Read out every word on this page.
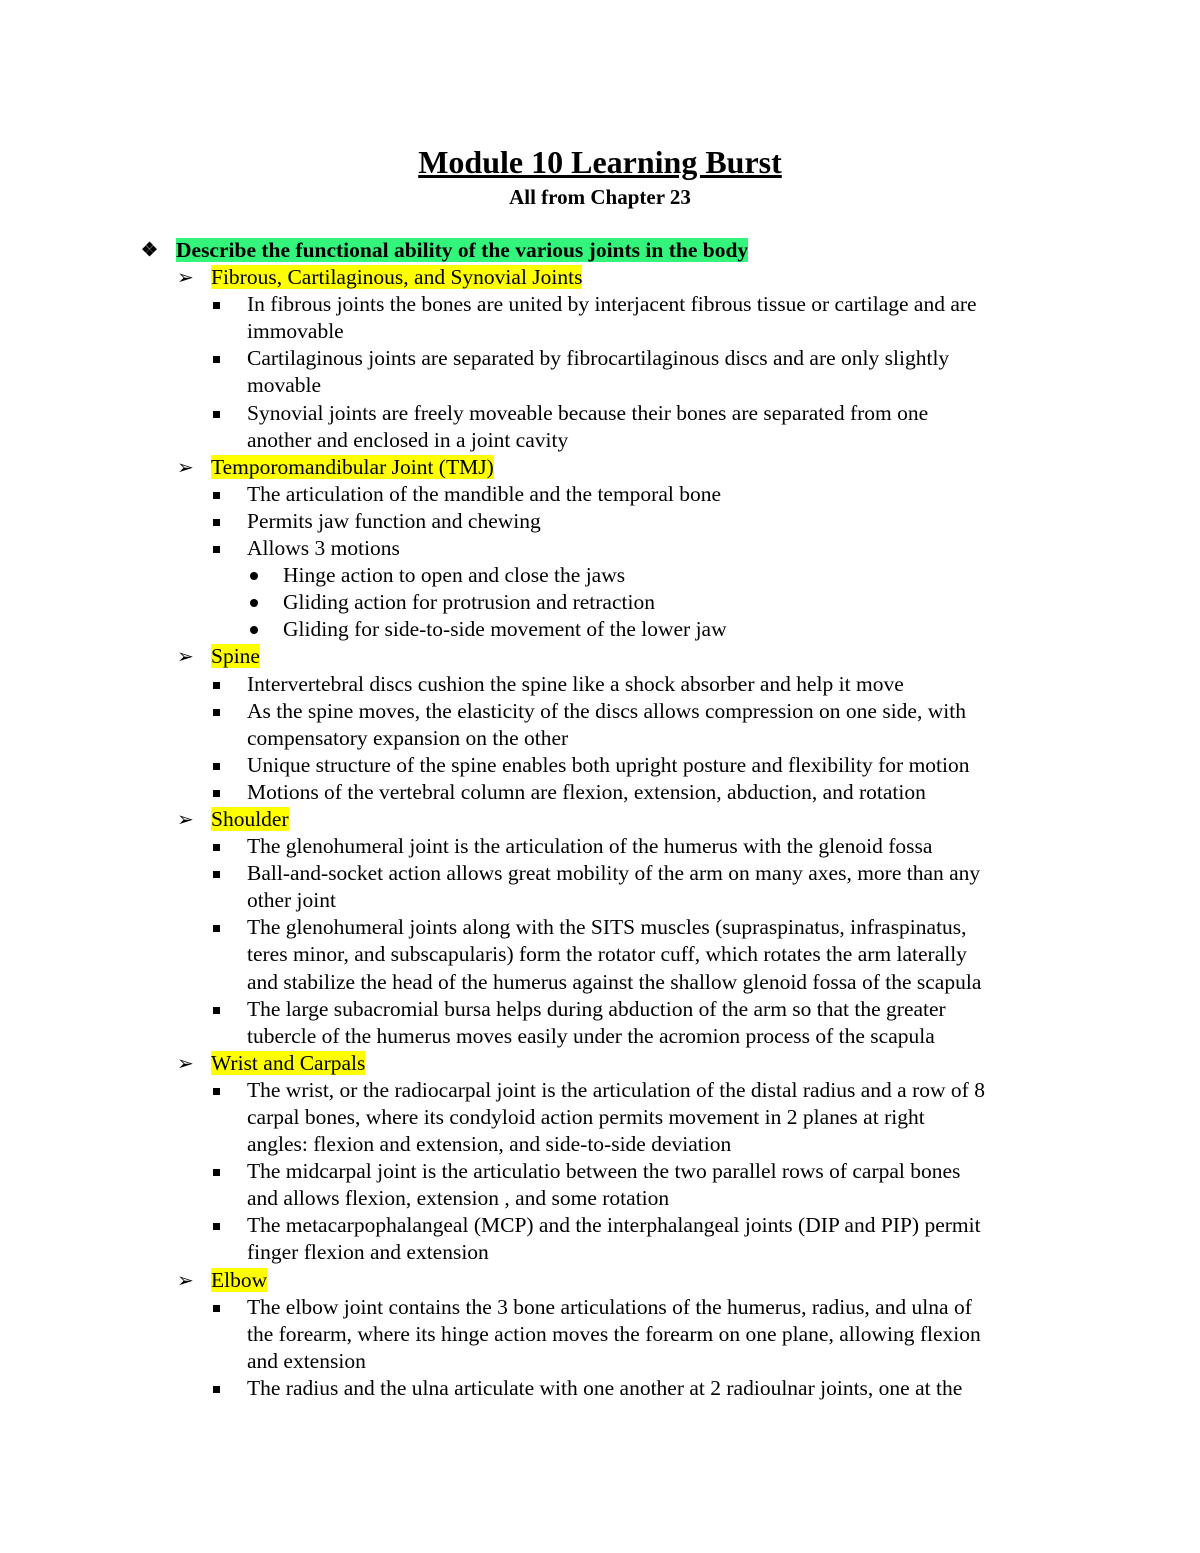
Module 10 Learning Burst
All from Chapter 23
❖ Describe the functional ability of the various joints in the body
➢ Fibrous, Cartilaginous, and Synovial Joints
In fibrous joints the bones are united by interjacent fibrous tissue or cartilage and are
immovable
Cartilaginous joints are separated by fibrocartilaginous discs and are only slightly
movable
Synovial joints are freely moveable because their bones are separated from one
another and enclosed in a joint cavity
➢ Temporomandibular Joint (TMJ)
The articulation of the mandible and the temporal bone
Permits jaw function and chewing
Allows 3 motions
Hinge action to open and close the jaws
Gliding action for protrusion and retraction
Gliding for side-to-side movement of the lower jaw
➢ Spine
Intervertebral discs cushion the spine like a shock absorber and help it move
As the spine moves, the elasticity of the discs allows compression on one side, with
compensatory expansion on the other
Unique structure of the spine enables both upright posture and flexibility for motion
Motions of the vertebral column are flexion, extension, abduction, and rotation
➢ Shoulder
The glenohumeral joint is the articulation of the humerus with the glenoid fossa
Ball-and-socket action allows great mobility of the arm on many axes, more than any
other joint
The glenohumeral joints along with the SITS muscles (supraspinatus, infraspinatus,
teres minor, and subscapularis) form the rotator cuff, which rotates the arm laterally
and stabilize the head of the humerus against the shallow glenoid fossa of the scapula
The large subacromial bursa helps during abduction of the arm so that the greater
tubercle of the humerus moves easily under the acromion process of the scapula
➢ Wrist and Carpals
The wrist, or the radiocarpal joint is the articulation of the distal radius and a row of 8
carpal bones, where its condyloid action permits movement in 2 planes at right
angles: flexion and extension, and side-to-side deviation
The midcarpal joint is the articulatio between the two parallel rows of carpal bones
and allows flexion, extension , and some rotation
The metacarpophalangeal (MCP) and the interphalangeal joints (DIP and PIP) permit
finger flexion and extension
➢ Elbow
The elbow joint contains the 3 bone articulations of the humerus, radius, and ulna of
the forearm, where its hinge action moves the forearm on one plane, allowing flexion
and extension
The radius and the ulna articulate with one another at 2 radioulnar joints, one at the
